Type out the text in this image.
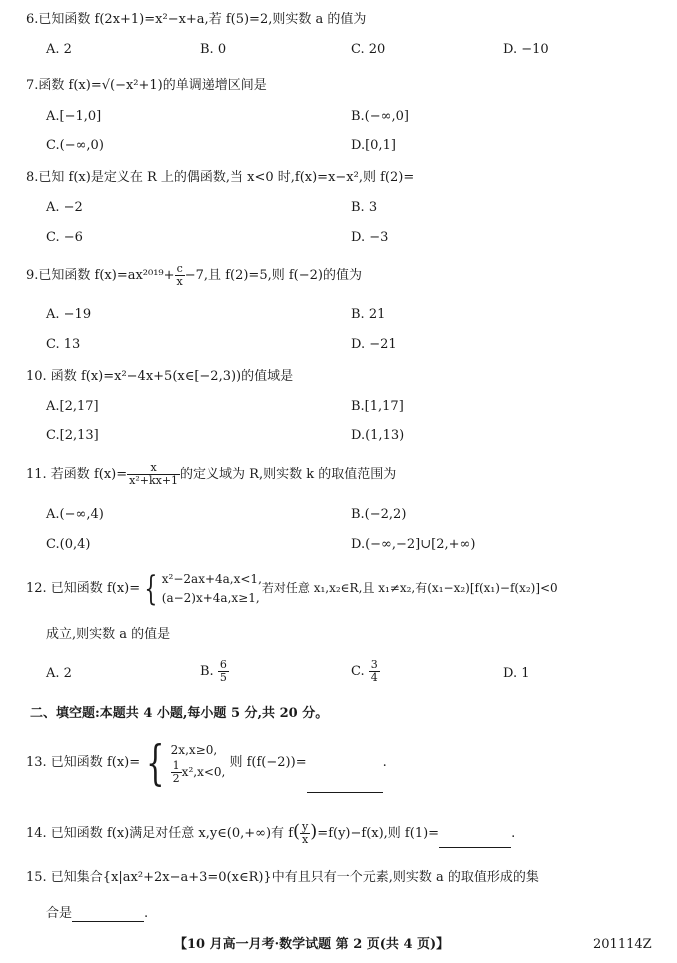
6.已知函数 f(2x+1)=x²−x+a,若 f(5)=2,则实数 a 的值为
A. 2	B. 0	C. 20	D. −10
7.函数 f(x)=√(−x²+1)的单调递增区间是
A.[−1,0]	B.(−∞,0]
C.(−∞,0)	D.[0,1]
8.已知 f(x)是定义在 R 上的偶函数,当 x<0 时,f(x)=x−x²,则 f(2)=
A. −2	B. 3
C. −6	D. −3
9.已知函数 $f(x)=ax^{2019}+ \frac{c}{x} -7$,且 f(2)=5,则 f(−2)的值为
A. −19	B. 21
C. 13	D. −21
10. 函数 f(x)=x²−4x+5(x∈[−2,3))的值域是
A.[2,17]	B.[1,17]
C.[2,13]	D.(1,13)
11. 若函数 $f(x)= \frac{x}{\text{x²+kx+1}}$ 的定义域为 R,则实数 k 的取值范围为
A.(−∞,4)	B.(−2,2)
C.(0,4)	D.(−∞,−2]∪[2,+∞)
12. 已知函数 f(x)= { x²−2ax+4a,x<1,
(a−2)x+4a,x≥1,
若对任意 x₁,x₂∈R,且 x₁≠x₂,有(x₁−x₂)[f(x₁)−f(x₂)]<0
成立,则实数 a 的值是
A. 2	B. $\frac{6}{5}$	C. $\frac{3}{4}$	D. 1
二、填空题:本题共 4 小题,每小题 5 分,共 20 分。
13. 已知函数 f(x)= { 2x,x≥0,
$\frac{1}{2} x^2,x<0$,
则 f(f(−2))=	.
14. 已知函数 f(x)满足对任意 x,y∈(0,+∞)有 $f( \frac{y}{x} )=f(y)-f(x)$,则 f(1)=	.
15. 已知集合{x|ax²+2x−a+3=0(x∈R)}中有且只有一个元素,则实数 a 的取值形成的集
合是	.
【10 月高一月考·数学试题 第 2 页(共 4 页)】	201114Z
